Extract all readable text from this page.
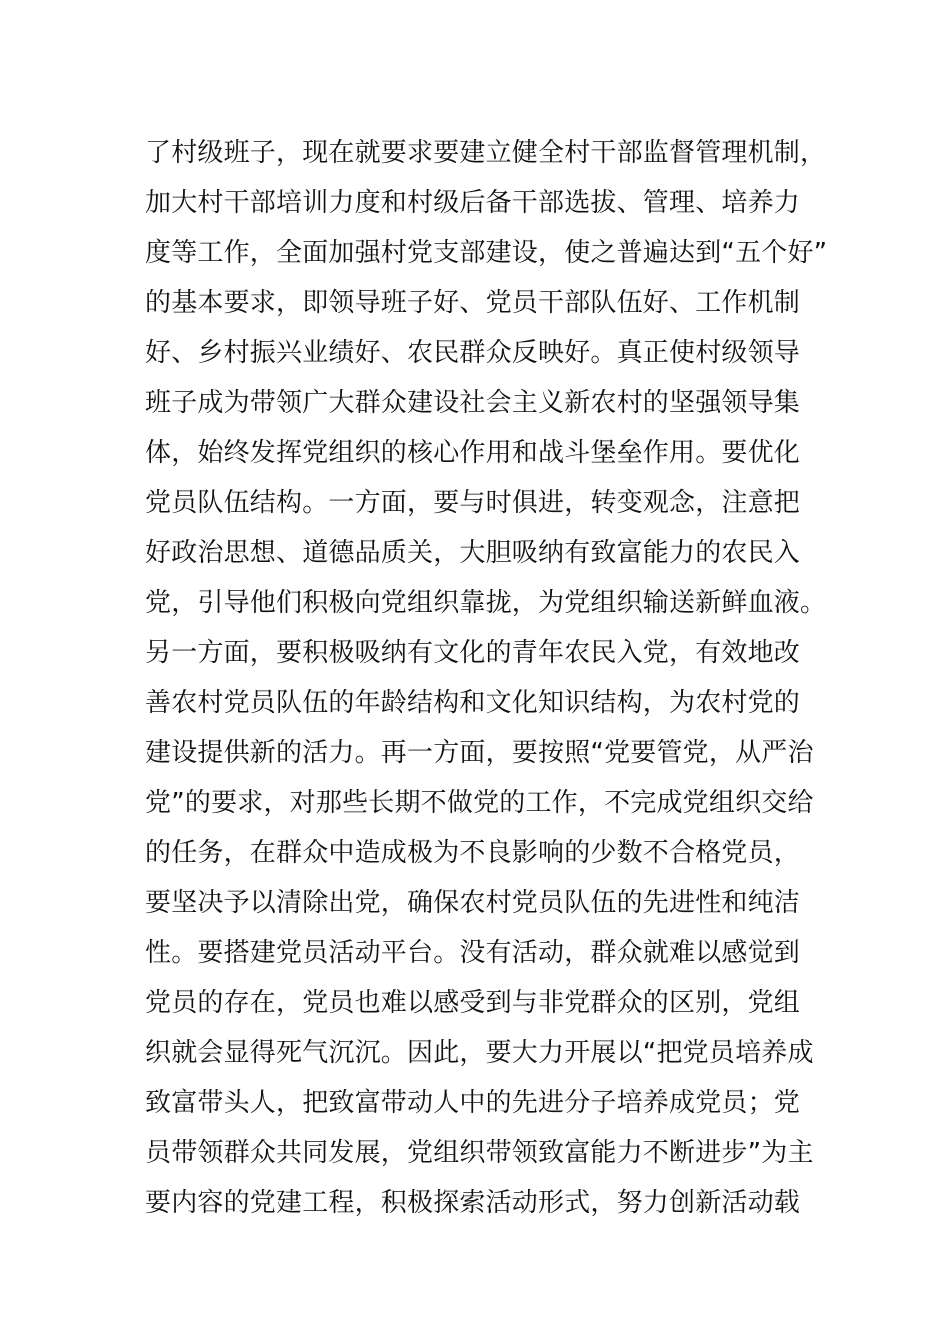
了村级班子，现在就要求要建立健全村干部监督管理机制，
加大村干部培训力度和村级后备干部选拔、管理、培养力
度等工作，全面加强村党支部建设，使之普遍达到“五个好”
的基本要求，即领导班子好、党员干部队伍好、工作机制
好、乡村振兴业绩好、农民群众反映好。真正使村级领导
班子成为带领广大群众建设社会主义新农村的坚强领导集
体，始终发挥党组织的核心作用和战斗堡垒作用。要优化
党员队伍结构。一方面，要与时俱进，转变观念，注意把
好政治思想、道德品质关，大胆吸纳有致富能力的农民入
党，引导他们积极向党组织靠拢，为党组织输送新鲜血液。
另一方面，要积极吸纳有文化的青年农民入党，有效地改
善农村党员队伍的年龄结构和文化知识结构，为农村党的
建设提供新的活力。再一方面，要按照“党要管党，从严治
党”的要求，对那些长期不做党的工作，不完成党组织交给
的任务，在群众中造成极为不良影响的少数不合格党员，
要坚决予以清除出党，确保农村党员队伍的先进性和纯洁
性。要搭建党员活动平台。没有活动，群众就难以感觉到
党员的存在，党员也难以感受到与非党群众的区别，党组
织就会显得死气沉沉。因此，要大力开展以“把党员培养成
致富带头人，把致富带动人中的先进分子培养成党员；党
员带领群众共同发展，党组织带领致富能力不断进步”为主
要内容的党建工程，积极探索活动形式，努力创新活动载
